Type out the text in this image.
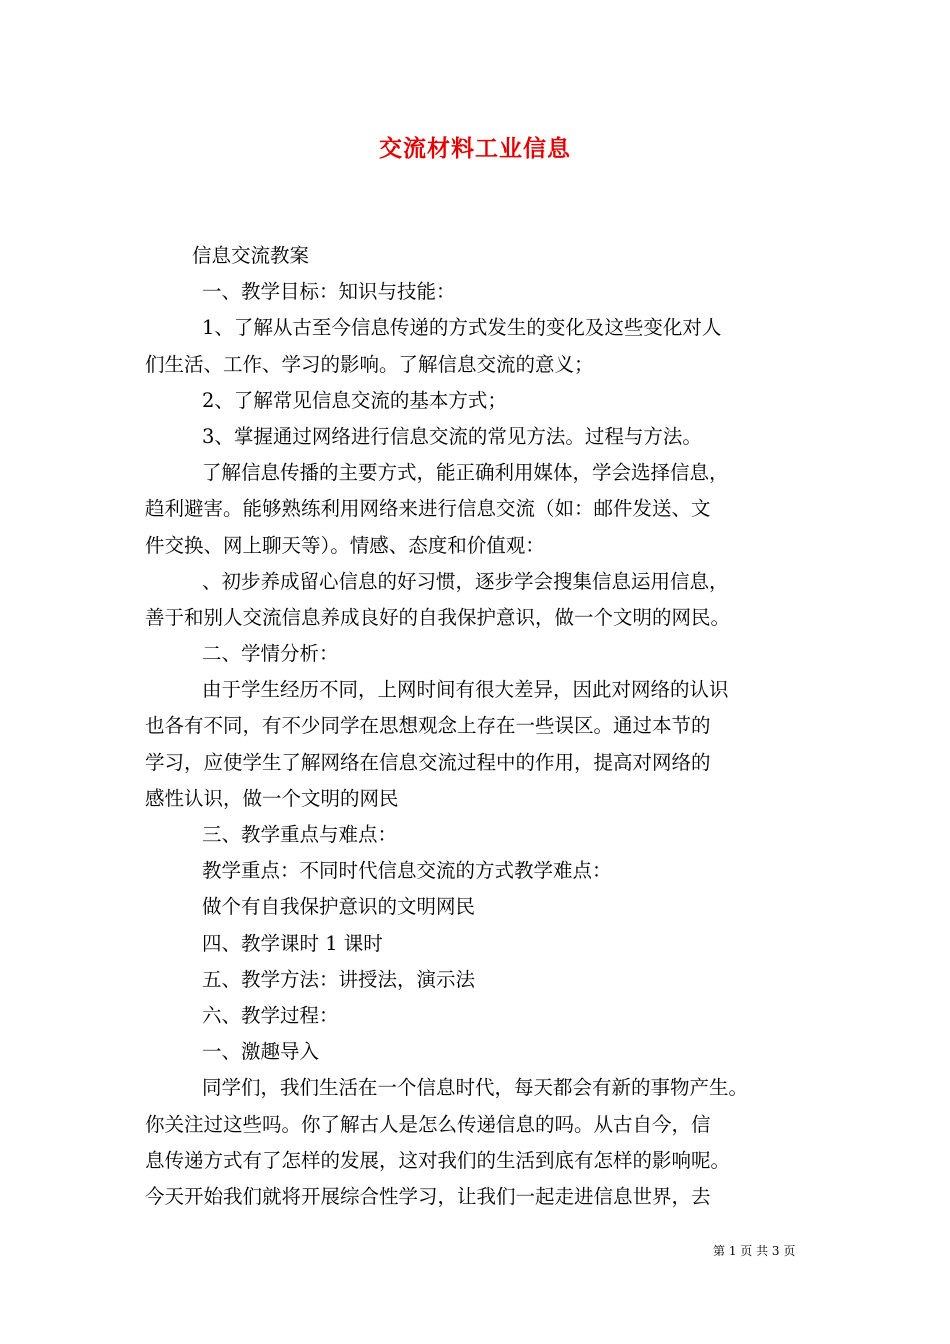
交流材料工业信息
信息交流教案
一、教学目标：知识与技能：
1、了解从古至今信息传递的方式发生的变化及这些变化对人
们生活、工作、学习的影响。了解信息交流的意义；
2、了解常见信息交流的基本方式；
3、掌握通过网络进行信息交流的常见方法。过程与方法。
了解信息传播的主要方式，能正确利用媒体，学会选择信息，
趋利避害。能够熟练利用网络来进行信息交流（如：邮件发送、文
件交换、网上聊天等）。情感、态度和价值观：
、初步养成留心信息的好习惯，逐步学会搜集信息运用信息，
善于和别人交流信息养成良好的自我保护意识，做一个文明的网民。
二、学情分析：
由于学生经历不同，上网时间有很大差异，因此对网络的认识
也各有不同，有不少同学在思想观念上存在一些误区。通过本节的
学习，应使学生了解网络在信息交流过程中的作用，提高对网络的
感性认识，做一个文明的网民
三、教学重点与难点：
教学重点：不同时代信息交流的方式教学难点：
做个有自我保护意识的文明网民
四、教学课时 1 课时
五、教学方法：讲授法，演示法
六、教学过程：
一、激趣导入
同学们，我们生活在一个信息时代，每天都会有新的事物产生。
你关注过这些吗。你了解古人是怎么传递信息的吗。从古自今，信
息传递方式有了怎样的发展，这对我们的生活到底有怎样的影响呢。
今天开始我们就将开展综合性学习，让我们一起走进信息世界，去
第 1 页 共 3 页
